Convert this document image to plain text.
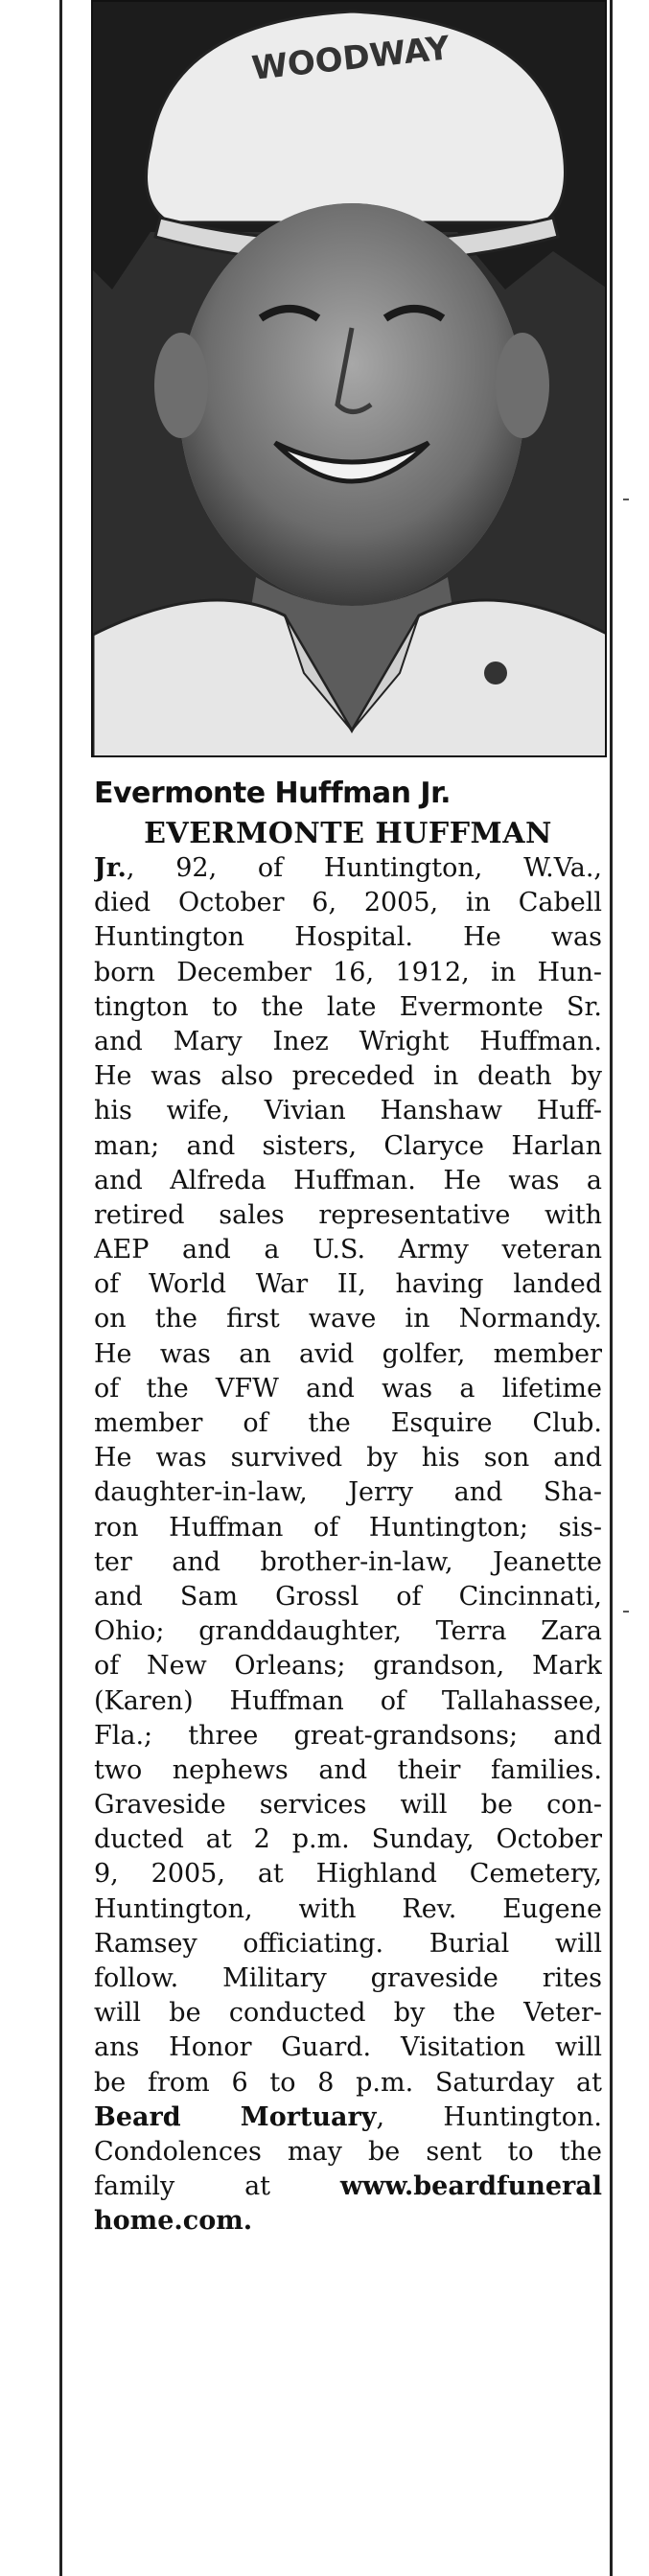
WOODWAY
Evermonte Huffman Jr.
EVERMONTE HUFFMAN
Jr., 92, of Huntington, W.Va.,
died October 6, 2005, in Cabell
Huntington Hospital. He was
born December 16, 1912, in Hun-
tington to the late Evermonte Sr.
and Mary Inez Wright Huffman.
He was also preceded in death by
his wife, Vivian Hanshaw Huff-
man; and sisters, Claryce Harlan
and Alfreda Huffman. He was a
retired sales representative with
AEP and a U.S. Army veteran
of World War II, having landed
on the first wave in Normandy.
He was an avid golfer, member
of the VFW and was a lifetime
member of the Esquire Club.
He was survived by his son and
daughter-in-law, Jerry and Sha-
ron Huffman of Huntington; sis-
ter and brother-in-law, Jeanette
and Sam Grossl of Cincinnati,
Ohio; granddaughter, Terra Zara
of New Orleans; grandson, Mark
(Karen) Huffman of Tallahassee,
Fla.; three great-grandsons; and
two nephews and their families.
Graveside services will be con-
ducted at 2 p.m. Sunday, October
9, 2005, at Highland Cemetery,
Huntington, with Rev. Eugene
Ramsey officiating. Burial will
follow. Military graveside rites
will be conducted by the Veter-
ans Honor Guard. Visitation will
be from 6 to 8 p.m. Saturday at
Beard Mortuary, Huntington.
Condolences may be sent to the
family at www.beardfuneral
home.com.
